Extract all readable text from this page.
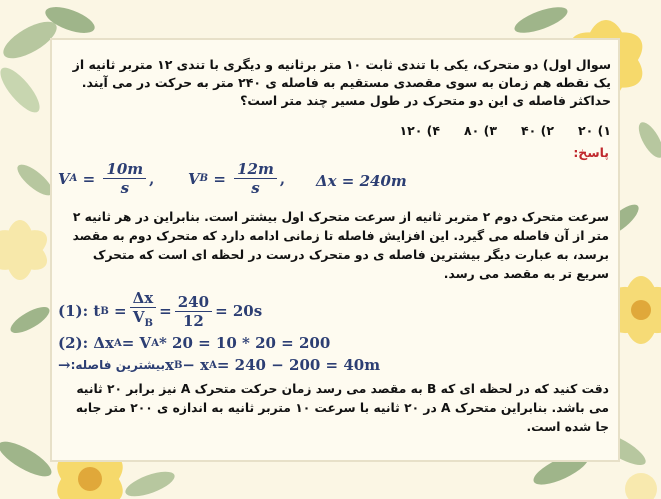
سوال اول) دو متحرک، یکی با تندی ثابت ۱۰ متر برثانیه و دیگری با تندی ۱۲ متربر ثانیه از
یک نقطه هم زمان به سوی مقصدی مستقیم به فاصله ی ۲۴۰ متر به حرکت در می آیند.
حداکثر فاصله ی این دو متحرک در طول مسیر چند متر است؟
۱) ۲۰
۲) ۴۰
۳) ۸۰
۴) ۱۲۰
پاسخ:
V $A = \frac{10m}{s}$ , V $B = \frac{12m}{s}$ , Δx = 240m
سرعت متحرک دوم ۲ متربر ثانیه از سرعت متحرک اول بیشتر است. بنابراین در هر ثانیه ۲
متر از آن فاصله می گیرد. این افزایش فاصله تا زمانی ادامه دارد که متحرک دوم به مقصد
برسد، به عبارت دیگر بیشترین فاصله ی دو متحرک درست در لحظه ای است که متحرک
سریع تر به مقصد می رسد.
(1): t $B = \frac{\Delta x}{V_B} = \frac{240}{12} = 20s$
(2): Δx A = V A * 20 = 10 * 20 = 200
→ بیشترین فاصله: x B − x A = 240 − 200 = 40m
دقت کنید که در لحظه ای که B به مقصد می رسد زمان حرکت متحرک A نیز برابر ۲۰ ثانیه
می باشد. بنابراین متحرک A در ۲۰ ثانیه با سرعت ۱۰ متربر ثانیه به اندازه ی ۲۰۰ متر جابه
جا شده است.
